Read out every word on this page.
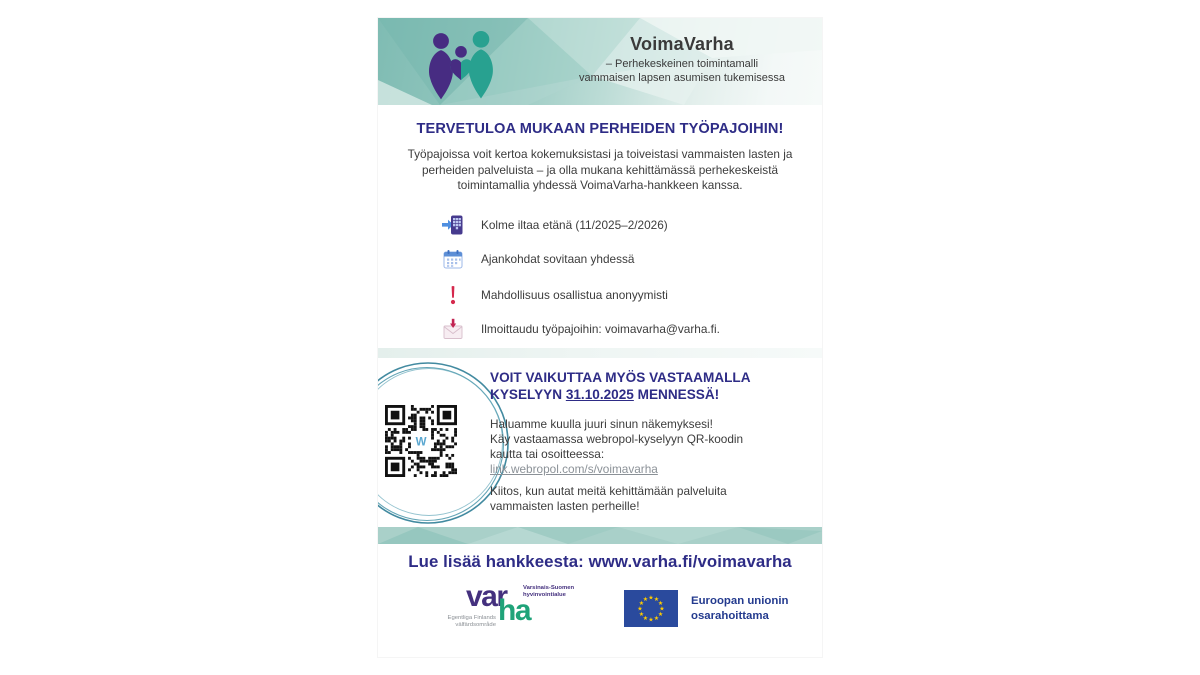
VoimaVarha
– Perhekeskeinen toimintamalli
vammaisen lapsen asumisen tukemisessa
TERVETULOA MUKAAN PERHEIDEN TYÖPAJOIHIN!
Työpajoissa voit kertoa kokemuksistasi ja toiveistasi vammaisten lasten ja perheiden palveluista – ja olla mukana kehittämässä perhekeskeistä toimintamallia yhdessä VoimaVarha-hankkeen kanssa.
Kolme iltaa etänä (11/2025–2/2026)
Ajankohdat sovitaan yhdessä
Mahdollisuus osallistua anonyymisti
Ilmoittaudu työpajoihin: voimavarha@varha.fi.
W
VOIT VAIKUTTAA MYÖS VASTAAMALLA
KYSELYYN 31.10.2025 MENNESSÄ!
Haluamme kuulla juuri sinun näkemyksesi!
Käy vastaamassa webropol-kyselyyn QR-koodin
kautta tai osoitteessa:
link.webropol.com/s/voimavarha
Kiitos, kun autat meitä kehittämään palveluita vammaisten lasten perheille!
Lue lisää hankkeesta: www.varha.fi/voimavarha
var
ha
Varsinais-Suomen
hyvinvointialue
Egentliga Finlands
välfärdsområde
★ ★
★
★
★
★
★
★
★
★
★
★	Euroopan unionin
osarahoittama
